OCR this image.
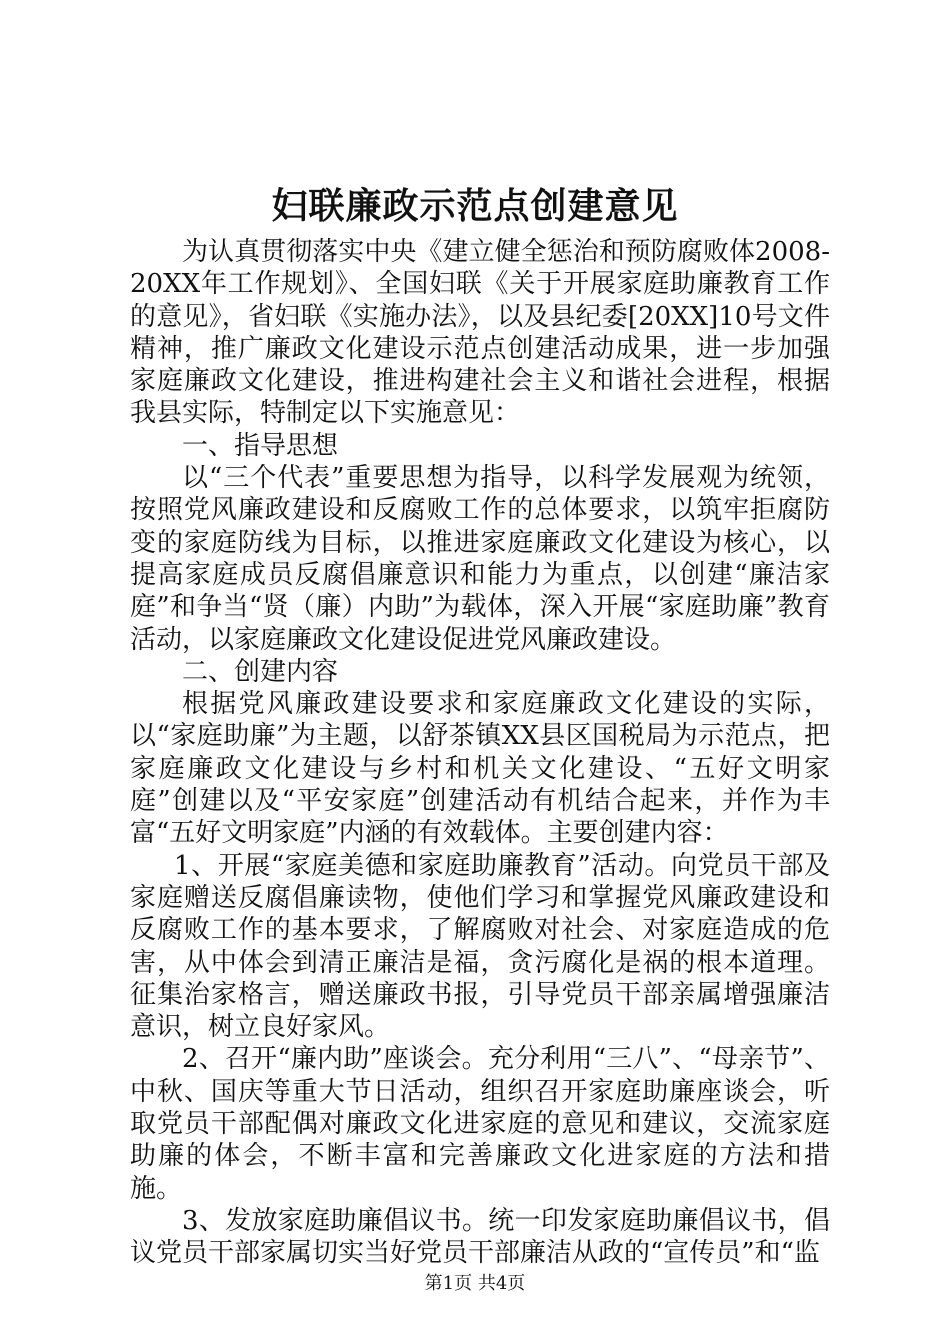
妇联廉政示范点创建意见

为认真贯彻落实中央《建立健全惩治和预防腐败体2008-20XX年工作规划》、全国妇联《关于开展家庭助廉教育工作的意见》，省妇联《实施办法》，以及县纪委[20XX]10号文件精神，推广廉政文化建设示范点创建活动成果，进一步加强家庭廉政文化建设，推进构建社会主义和谐社会进程，根据我县实际，特制定以下实施意见：

一、指导思想

以“三个代表”重要思想为指导，以科学发展观为统领，按照党风廉政建设和反腐败工作的总体要求，以筑牢拒腐防变的家庭防线为目标，以推进家庭廉政文化建设为核心，以提高家庭成员反腐倡廉意识和能力为重点，以创建“廉洁家庭”和争当“贤（廉）内助”为载体，深入开展“家庭助廉”教育活动，以家庭廉政文化建设促进党风廉政建设。

二、创建内容

根据党风廉政建设要求和家庭廉政文化建设的实际，以“家庭助廉”为主题，以舒茶镇XX县区国税局为示范点，把家庭廉政文化建设与乡村和机关文化建设、“五好文明家庭”创建以及“平安家庭”创建活动有机结合起来，并作为丰富“五好文明家庭”内涵的有效载体。主要创建内容：

1、开展“家庭美德和家庭助廉教育”活动。向党员干部及家庭赠送反腐倡廉读物，使他们学习和掌握党风廉政建设和反腐败工作的基本要求，了解腐败对社会、对家庭造成的危害，从中体会到清正廉洁是福，贪污腐化是祸的根本道理。征集治家格言，赠送廉政书报，引导党员干部亲属增强廉洁意识，树立良好家风。

2、召开“廉内助”座谈会。充分利用“三八”、“母亲节”、中秋、国庆等重大节日活动，组织召开家庭助廉座谈会，听取党员干部配偶对廉政文化进家庭的意见和建议，交流家庭助廉的体会，不断丰富和完善廉政文化进家庭的方法和措施。

3、发放家庭助廉倡议书。统一印发家庭助廉倡议书，倡议党员干部家属切实当好党员干部廉洁从政的“宣传员”和“监

第1页 共4页
